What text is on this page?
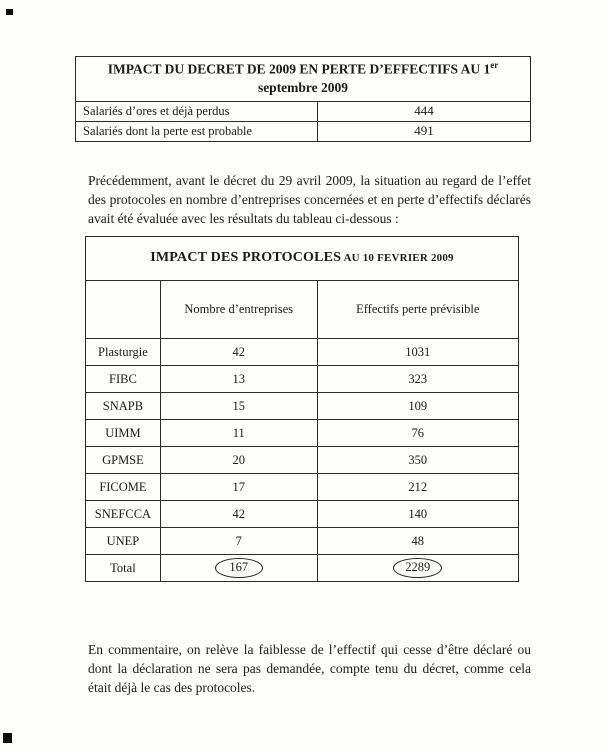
IMPACT DU DECRET DE 2009 EN PERTE D’EFFECTIFS AU 1er
septembre 2009	
Salariés d’ores et déjà perdus	444
Salariés dont la perte est probable	491

Précédemment, avant le décret du 29 avril 2009, la situation au regard de l’effet des protocoles en nombre d’entreprises concernées et en perte d’effectifs déclarés avait été évaluée avec les résultats du tableau ci-dessous :

IMPACT DES PROTOCOLES AU 10 FEVRIER 2009		
	Nombre d’entreprises	Effectifs perte prévisible
Plasturgie	42	1031
FIBC	13	323
SNAPB	15	109
UIMM	11	76
GPMSE	20	350
FICOME	17	212
SNEFCCA	42	140
UNEP	7	48
Total	167	2289

En commentaire, on relève la faiblesse de l’effectif qui cesse d’être déclaré ou dont la déclaration ne sera pas demandée, compte tenu du décret, comme cela était déjà le cas des protocoles.
